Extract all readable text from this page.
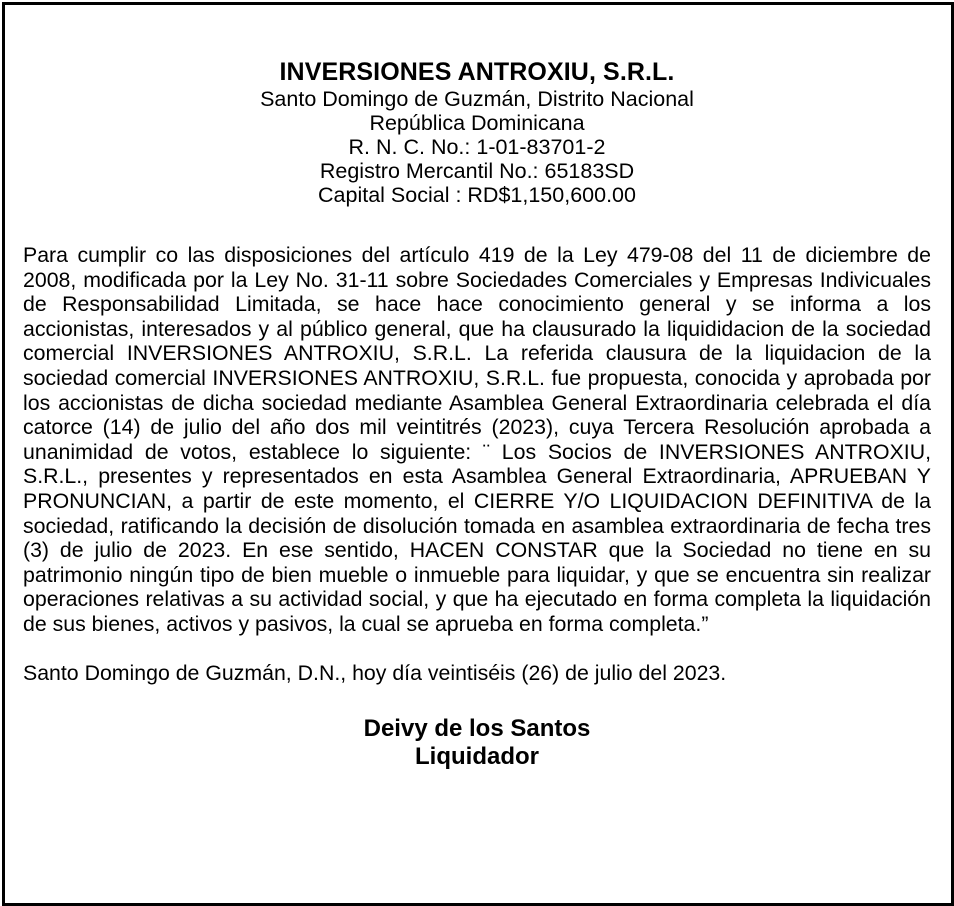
INVERSIONES ANTROXIU, S.R.L.
Santo Domingo de Guzmán, Distrito Nacional
República Dominicana
R. N. C. No.: 1-01-83701-2
Registro Mercantil No.: 65183SD
Capital Social : RD$1,150,600.00
Para cumplir co las disposiciones del artículo 419 de la Ley 479-08 del 11 de diciembre de 2008, modificada por la Ley No. 31-11 sobre Sociedades Comerciales y Empresas Indivicuales de Responsabilidad Limitada, se hace hace conocimiento general y se informa a los accionistas, interesados y al público general, que ha clausurado la liquididacion de la sociedad comercial INVERSIONES ANTROXIU, S.R.L. La referida clausura de la liquidacion de la sociedad comercial INVERSIONES ANTROXIU, S.R.L. fue propuesta, conocida y aprobada por los accionistas de dicha sociedad mediante Asamblea General Extraordinaria celebrada el día catorce (14) de julio del año dos mil veintitrés (2023), cuya Tercera Resolución aprobada a unanimidad de votos, establece lo siguiente: ¨ Los Socios de INVERSIONES ANTROXIU, S.R.L., presentes y representados en esta Asamblea General Extraordinaria, APRUEBAN Y PRONUNCIAN, a partir de este momento, el CIERRE Y/O LIQUIDACION DEFINITIVA de la sociedad, ratificando la decisión de disolución tomada en asamblea extraordinaria de fecha tres (3) de julio de 2023. En ese sentido, HACEN CONSTAR que la Sociedad no tiene en su patrimonio ningún tipo de bien mueble o inmueble para liquidar, y que se encuentra sin realizar operaciones relativas a su actividad social, y que ha ejecutado en forma completa la liquidación de sus bienes, activos y pasivos, la cual se aprueba en forma completa.”
Santo Domingo de Guzmán, D.N., hoy día veintiséis (26) de julio del 2023.
Deivy de los Santos
Liquidador
